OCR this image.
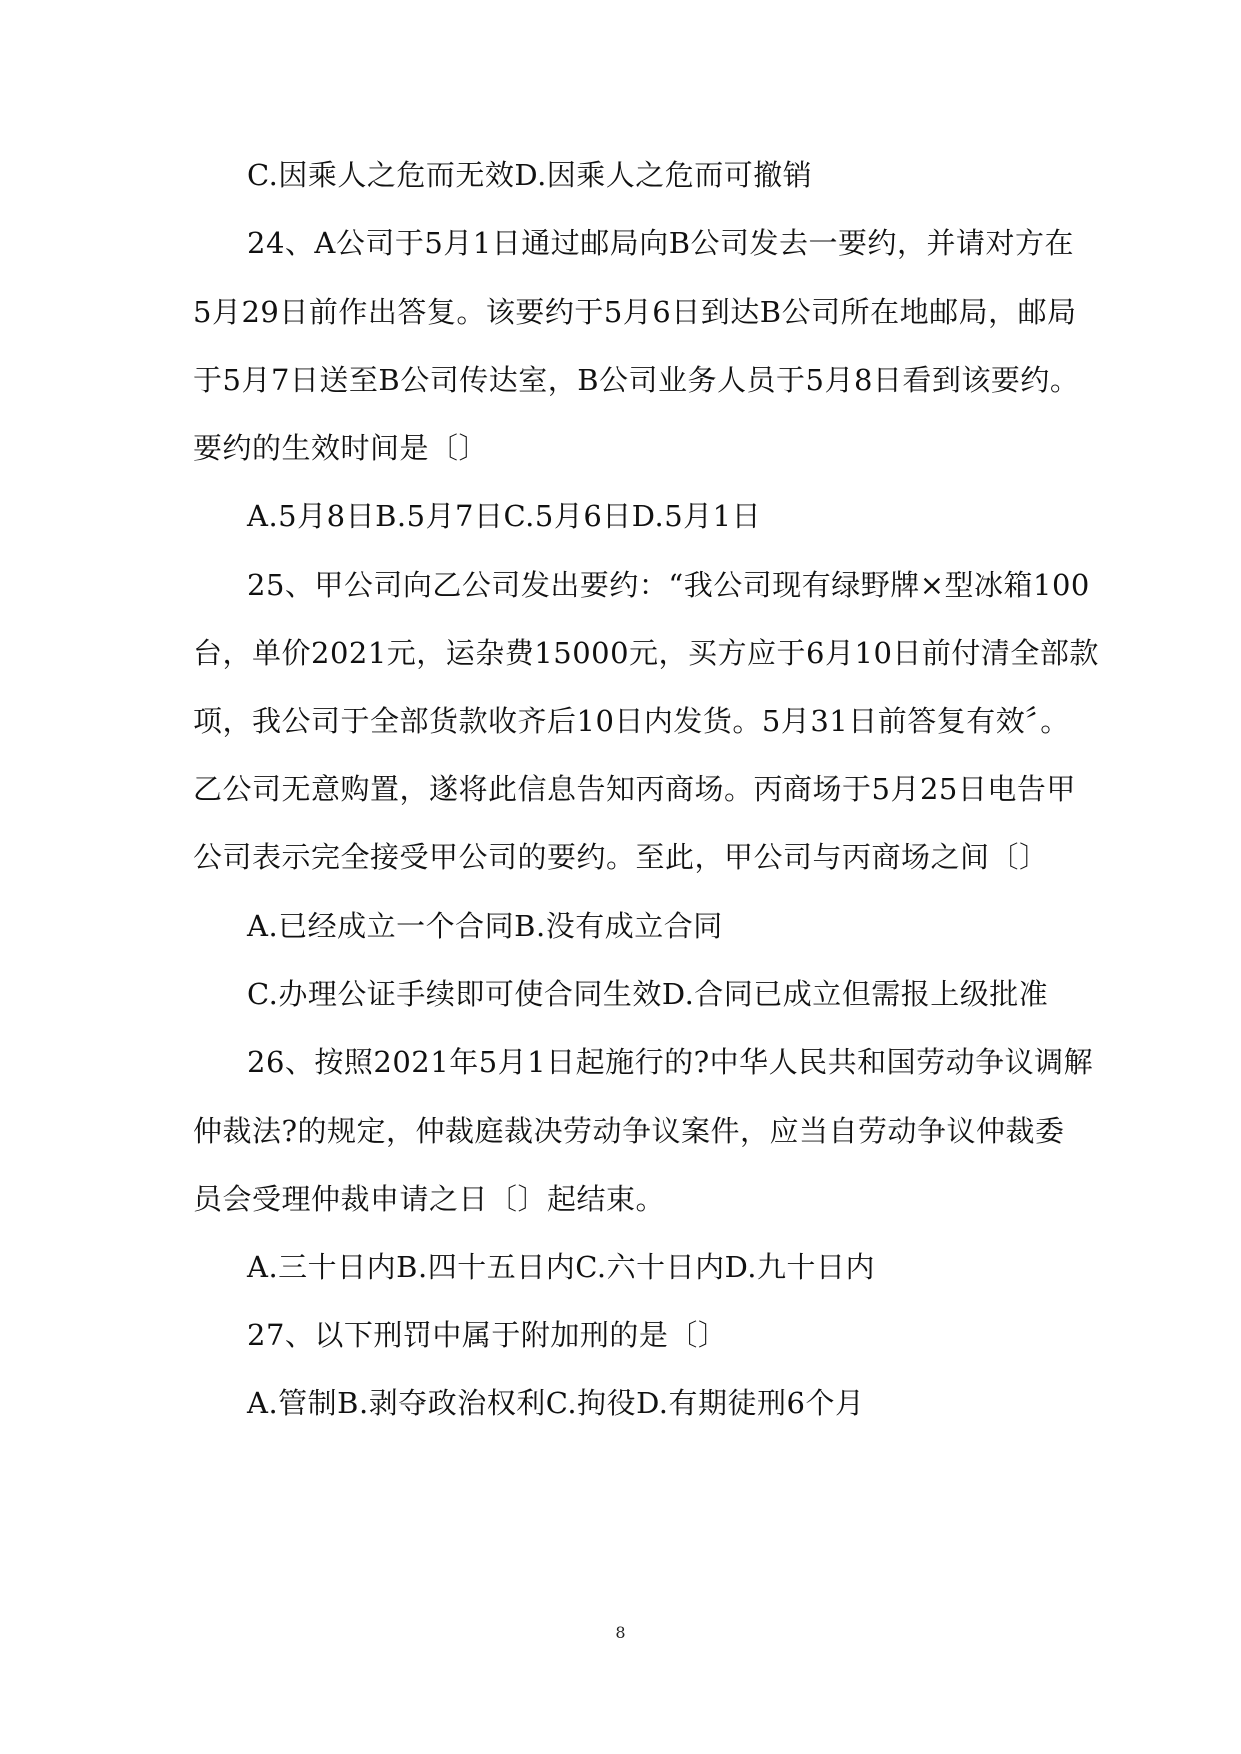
C.因乘人之危而无效D.因乘人之危而可撤销
24、A公司于5月1日通过邮局向B公司发去一要约，并请对方在
5月29日前作出答复。该要约于5月6日到达B公司所在地邮局，邮局
于5月7日送至B公司传达室，B公司业务人员于5月8日看到该要约。
要约的生效时间是〔〕
A.5月8日B.5月7日C.5月6日D.5月1日
25、甲公司向乙公司发出要约：“我公司现有绿野牌×型冰箱100
台，单价2021元，运杂费15000元，买方应于6月10日前付清全部款
项，我公司于全部货款收齐后10日内发货。5月31日前答复有效〞。
乙公司无意购置，遂将此信息告知丙商场。丙商场于5月25日电告甲
公司表示完全接受甲公司的要约。至此，甲公司与丙商场之间〔〕
A.已经成立一个合同B.没有成立合同
C.办理公证手续即可使合同生效D.合同已成立但需报上级批准
26、按照2021年5月1日起施行的?中华人民共和国劳动争议调解
仲裁法?的规定，仲裁庭裁决劳动争议案件，应当自劳动争议仲裁委
员会受理仲裁申请之日〔〕起结束。
A.三十日内B.四十五日内C.六十日内D.九十日内
27、以下刑罚中属于附加刑的是〔〕
A.管制B.剥夺政治权利C.拘役D.有期徒刑6个月
8
